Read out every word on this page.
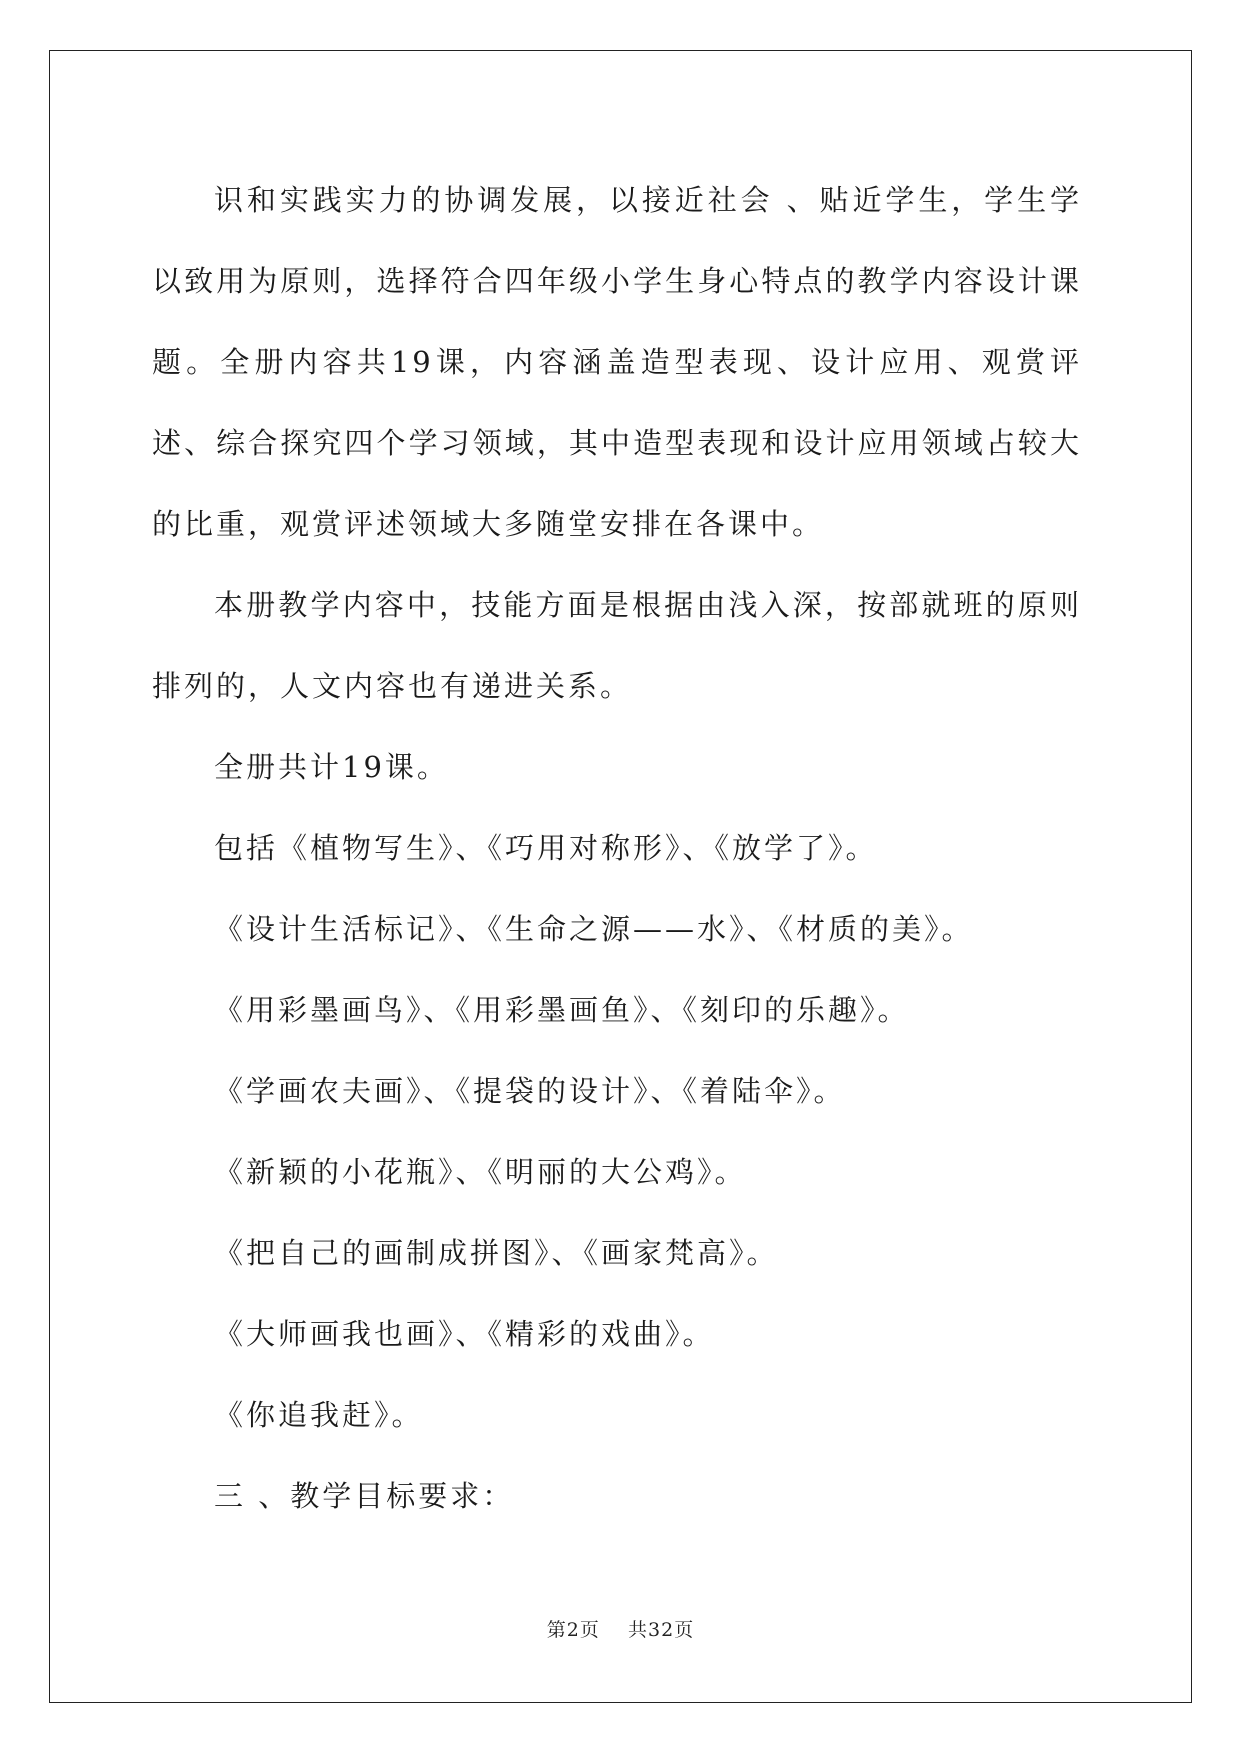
识和实践实力的协调发展，以接近社会 、贴近学生，学生学以致用为原则，选择符合四年级小学生身心特点的教学内容设计课题。全册内容共19课，内容涵盖造型表现、设计应用、观赏评述、综合探究四个学习领域，其中造型表现和设计应用领域占较大的比重，观赏评述领域大多随堂安排在各课中。

本册教学内容中，技能方面是根据由浅入深，按部就班的原则排列的，人文内容也有递进关系。

全册共计19课。

包括《植物写生》、《巧用对称形》、《放学了》。

《设计生活标记》、《生命之源——水》、《材质的美》。

《用彩墨画鸟》、《用彩墨画鱼》、《刻印的乐趣》。

《学画农夫画》、《提袋的设计》、《着陆伞》。

《新颖的小花瓶》、《明丽的大公鸡》。

《把自己的画制成拼图》、《画家梵高》。

《大师画我也画》、《精彩的戏曲》。

《你追我赶》。

三 、教学目标要求：

第2页 共32页
